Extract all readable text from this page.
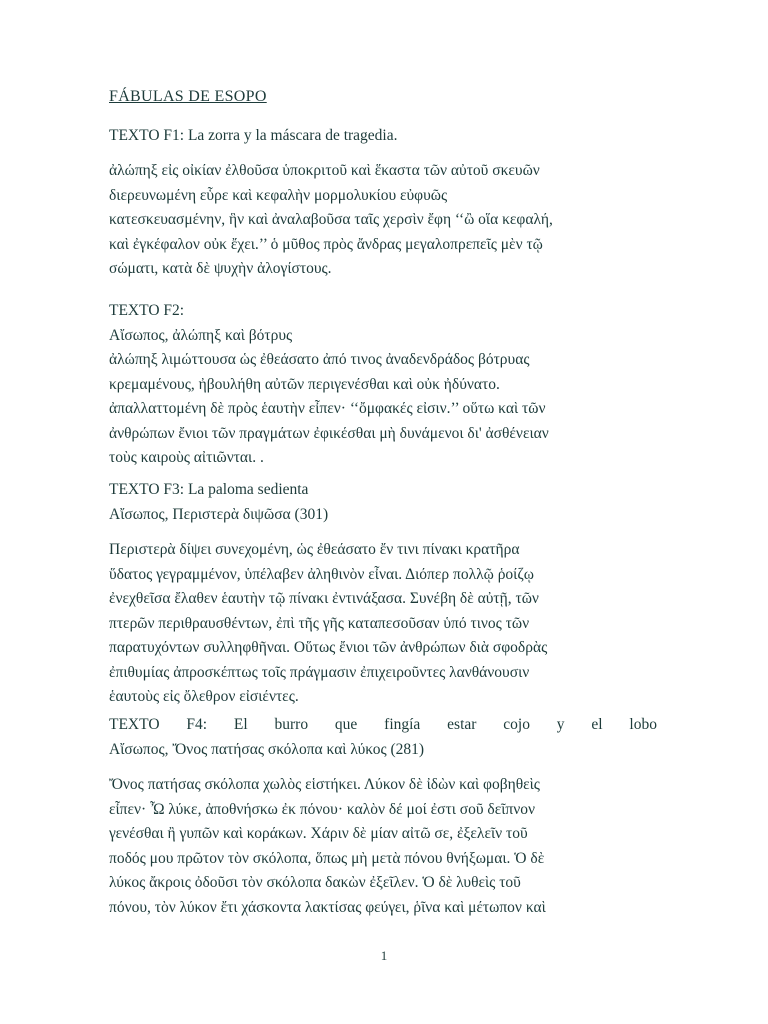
FÁBULAS DE ESOPO
TEXTO F1: La zorra y la máscara de tragedia.
ἀλώπηξ εἰς οἰκίαν ἐλθοῦσα ὑποκριτοῦ καὶ ἕκαστα τῶν αὐτοῦ σκευῶν
διερευνωμένη εὗρε καὶ κεφαλὴν μορμολυκίου εὐφυῶς
κατεσκευασμένην, ἣν καὶ ἀναλαβοῦσα ταῖς χερσὶν ἔφη ‘‘ὢ οἵα κεφαλή,
καὶ ἐγκέφαλον οὐκ ἔχει.’’ ὁ μῦθος πρὸς ἄνδρας μεγαλοπρεπεῖς μὲν τῷ
σώματι, κατὰ δὲ ψυχὴν ἀλογίστους.
TEXTO F2:
Αἴσωπος, ἀλώπηξ καὶ βότρυς
ἀλώπηξ λιμώττουσα ὡς ἐθεάσατο ἀπό τινος ἀναδενδράδος βότρυας
κρεμαμένους, ἠβουλήθη αὐτῶν περιγενέσθαι καὶ οὐκ ἠδύνατο.
ἀπαλλαττομένη δὲ πρὸς ἑαυτὴν εἶπεν· ‘‘ὄμφακές εἰσιν.’’ οὕτω καὶ τῶν
ἀνθρώπων ἔνιοι τῶν πραγμάτων ἐφικέσθαι μὴ δυνάμενοι δι' ἀσθένειαν
τοὺς καιροὺς αἰτιῶνται. .
TEXTO F3: La paloma sedienta
Αἴσωπος, Περιστερὰ διψῶσα (301)
Περιστερὰ δίψει συνεχομένη, ὡς ἐθεάσατο ἔν τινι πίνακι κρατῆρα
ὕδατος γεγραμμένον, ὑπέλαβεν ἀληθινὸν εἶναι. Διόπερ πολλῷ ῥοίζῳ
ἐνεχθεῖσα ἔλαθεν ἑαυτὴν τῷ πίνακι ἐντινάξασα. Συνέβη δὲ αὐτῇ, τῶν
πτερῶν περιθραυσθέντων, ἐπὶ τῆς γῆς καταπεσοῦσαν ὑπό τινος τῶν
παρατυχόντων συλληφθῆναι. Οὕτως ἔνιοι τῶν ἀνθρώπων διὰ σφοδρὰς
ἐπιθυμίας ἀπροσκέπτως τοῖς πράγμασιν ἐπιχειροῦντες λανθάνουσιν
ἑαυτοὺς εἰς ὄλεθρον εἰσιέντες.
TEXTO F4: El burro que fingía estar cojo y el lobo
Αἴσωπος, Ὄνος πατήσας σκόλοπα καὶ λύκος (281)
Ὄνος πατήσας σκόλοπα χωλὸς εἱστήκει. Λύκον δὲ ἰδὼν καὶ φοβηθεὶς
εἶπεν· Ὦ λύκε, ἀποθνήσκω ἐκ πόνου· καλὸν δέ μοί ἐστι σοῦ δεῖπνον
γενέσθαι ἢ γυπῶν καὶ κοράκων. Χάριν δὲ μίαν αἰτῶ σε, ἐξελεῖν τοῦ
ποδός μου πρῶτον τὸν σκόλοπα, ὅπως μὴ μετὰ πόνου θνήξωμαι. Ὁ δὲ
λύκος ἄκροις ὀδοῦσι τὸν σκόλοπα δακὼν ἐξεῖλεν. Ὁ δὲ λυθεὶς τοῦ
πόνου, τὸν λύκον ἔτι χάσκοντα λακτίσας φεύγει, ῥῖνα καὶ μέτωπον καὶ
1
